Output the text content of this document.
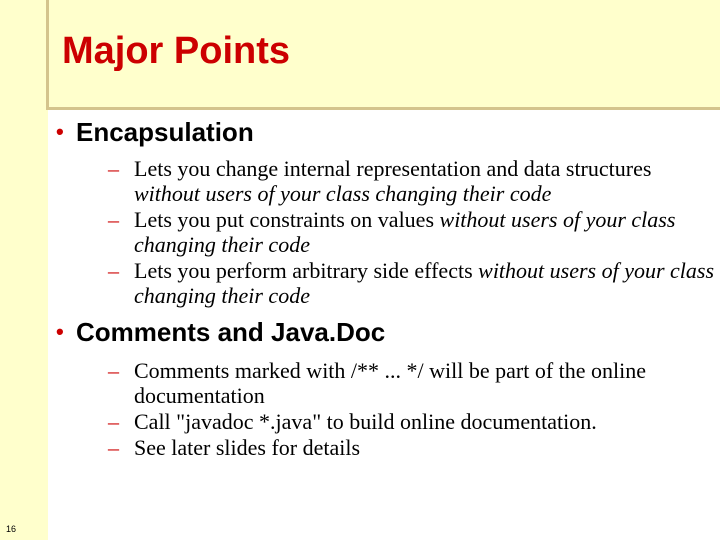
Major Points
• Encapsulation
– Lets you change internal representation and data structures without users of your class changing their code
– Lets you put constraints on values without users of your class changing their code
– Lets you perform arbitrary side effects without users of your class changing their code
• Comments and Java.Doc
– Comments marked with /** ... */ will be part of the online documentation
– Call "javadoc *.java" to build online documentation.
– See later slides for details
16
